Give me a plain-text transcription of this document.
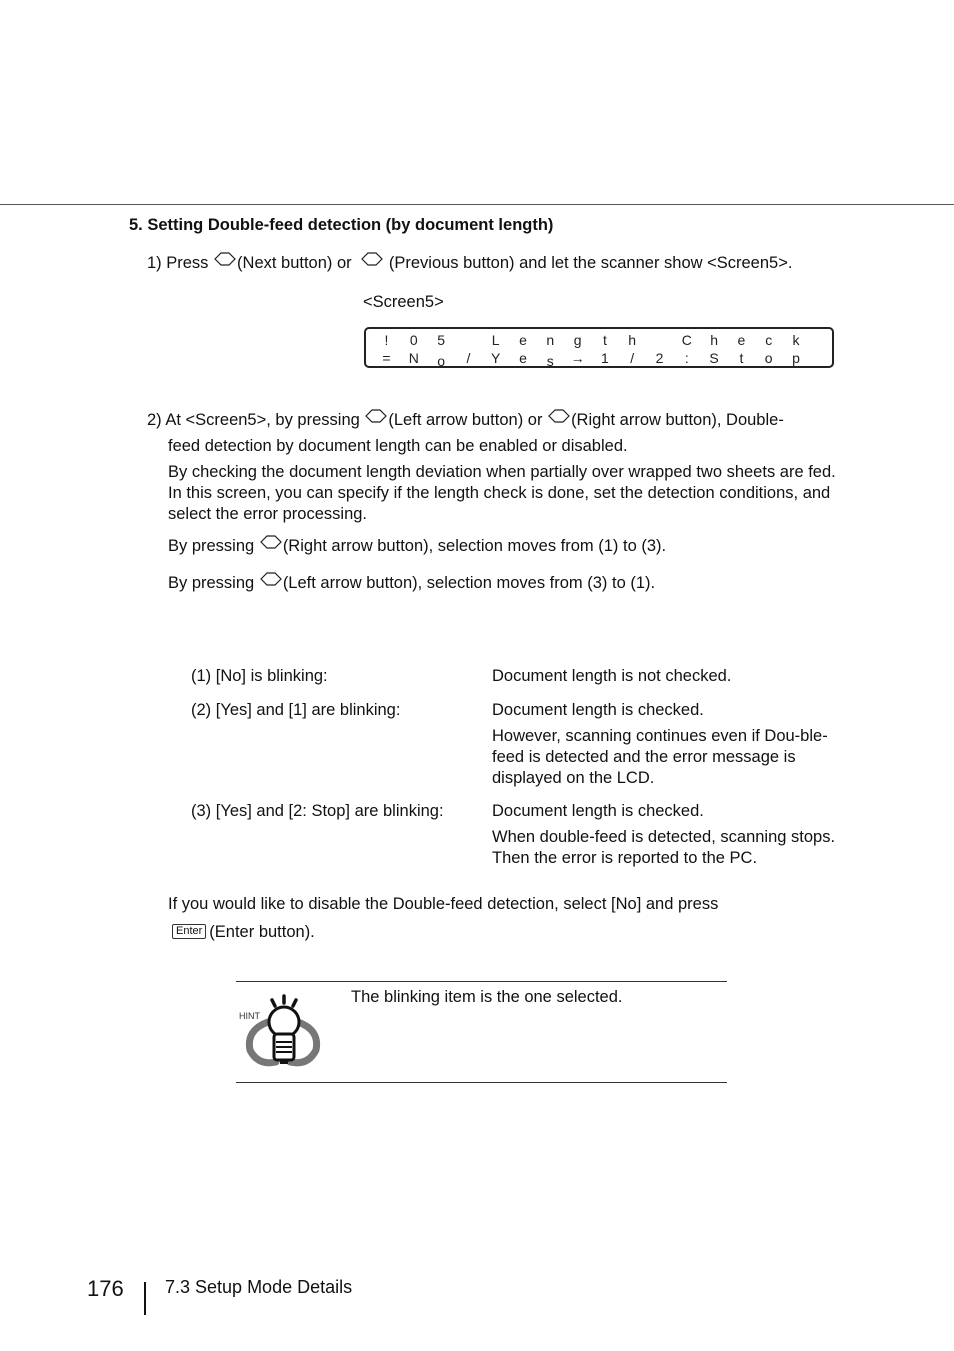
5. Setting Double-feed detection (by document length)
1) Press (Next button) or (Previous button) and let the scanner show <Screen5>.
<Screen5>
!	0	5	L	e	n	g	t	h	C	h	e	c	k
=	N	o	/	Y	e	s	→	1	/	2	:	S	t	o	p
2) At <Screen5>, by pressing (Left arrow button) or (Right arrow button), Double-
feed detection by document length can be enabled or disabled.
By checking the document length deviation when partially over wrapped two sheets are fed. In this screen, you can specify if the length check is done, set the detection conditions, and select the error processing.
By pressing (Right arrow button), selection moves from (1) to (3).
By pressing (Left arrow button), selection moves from (3) to (1).
(1) [No] is blinking:	Document length is not checked.
(2) [Yes] and [1] are blinking:	Document length is checked.
However, scanning continues even if Dou-ble-feed is detected and the error message is displayed on the LCD.
(3) [Yes] and [2: Stop] are blinking:	Document length is checked.
When double-feed is detected, scanning stops. Then the error is reported to the PC.
If you would like to disable the Double-feed detection, select [No] and press
Enter (Enter button).
HINT
The blinking item is the one selected.
176 7.3 Setup Mode Details
